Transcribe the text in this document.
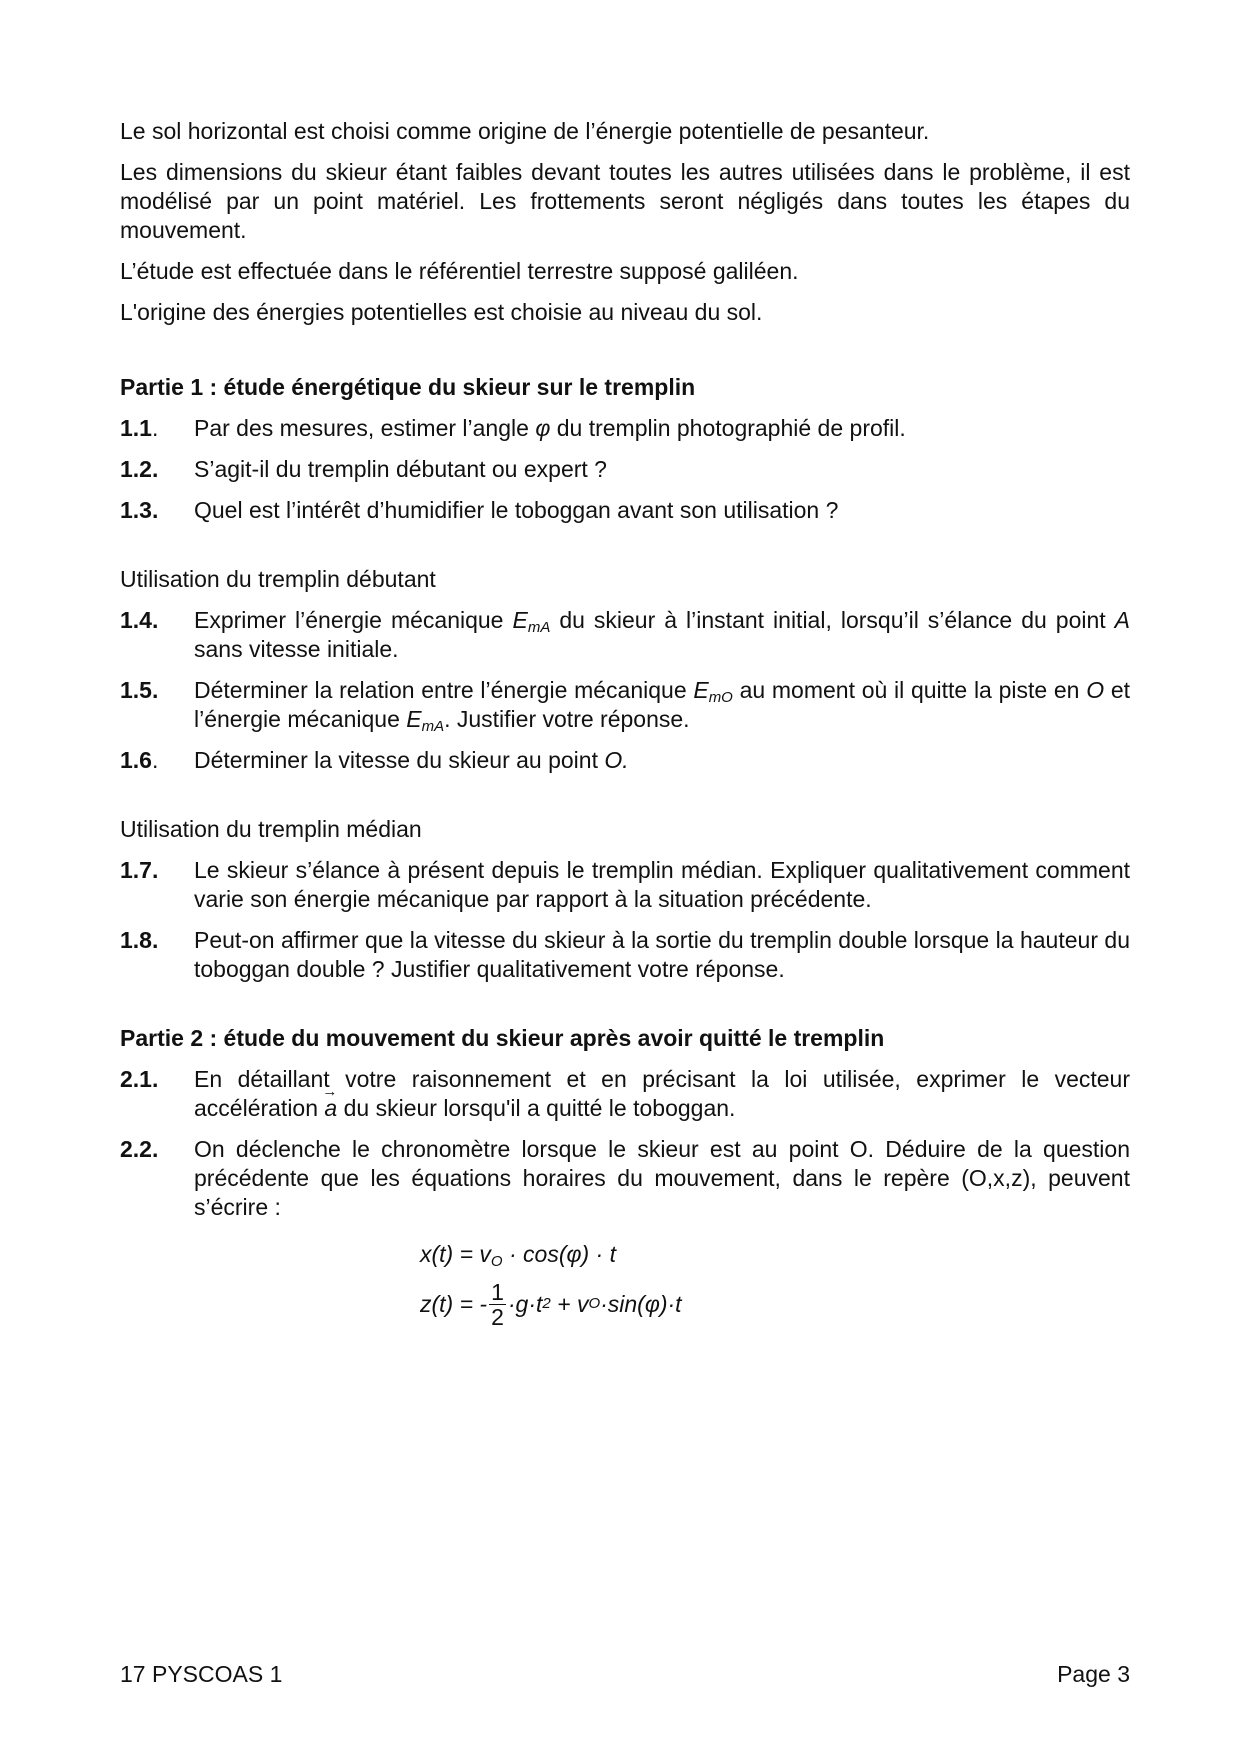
Le sol horizontal est choisi comme origine de l’énergie potentielle de pesanteur.

Les dimensions du skieur étant faibles devant toutes les autres utilisées dans le problème, il est modélisé par un point matériel. Les frottements seront négligés dans toutes les étapes du mouvement.

L’étude est effectuée dans le référentiel terrestre supposé galiléen.

L'origine des énergies potentielles est choisie au niveau du sol.

Partie 1 : étude énergétique du skieur sur le tremplin

1.1.	Par des mesures, estimer l’angle φ du tremplin photographié de profil.
1.2.	S’agit-il du tremplin débutant ou expert ?
1.3.	Quel est l’intérêt d’humidifier le toboggan avant son utilisation ?

Utilisation du tremplin débutant

1.4.	Exprimer l’énergie mécanique $E_{mA}$ du skieur à l’instant initial, lorsqu’il s’élance du point A sans vitesse initiale.
1.5.	Déterminer la relation entre l’énergie mécanique $E_{mO}$ au moment où il quitte la piste en O et l’énergie mécanique $E_{mA}$. Justifier votre réponse.
1.6.	Déterminer la vitesse du skieur au point O.

Utilisation du tremplin médian

1.7.	Le skieur s’élance à présent depuis le tremplin médian. Expliquer qualitativement comment varie son énergie mécanique par rapport à la situation précédente.
1.8.	Peut-on affirmer que la vitesse du skieur à la sortie du tremplin double lorsque la hauteur du toboggan double ? Justifier qualitativement votre réponse.

Partie 2 : étude du mouvement du skieur après avoir quitté le tremplin

2.1.	En détaillant votre raisonnement et en précisant la loi utilisée, exprimer le vecteur accélération → a du skieur lorsqu'il a quitté le toboggan.
2.2.	On déclenche le chronomètre lorsque le skieur est au point O. Déduire de la question précédente que les équations horaires du mouvement, dans le repère (O,x,z), peuvent s’écrire :
$x(t) = v_O \cdot \cos(\varphi) \cdot t$
z(t) = - $\frac{1}{2} \cdot g\cdot t$ 2 + v O ·sin(φ)·t
17 PYSCOAS 1	Page 3
